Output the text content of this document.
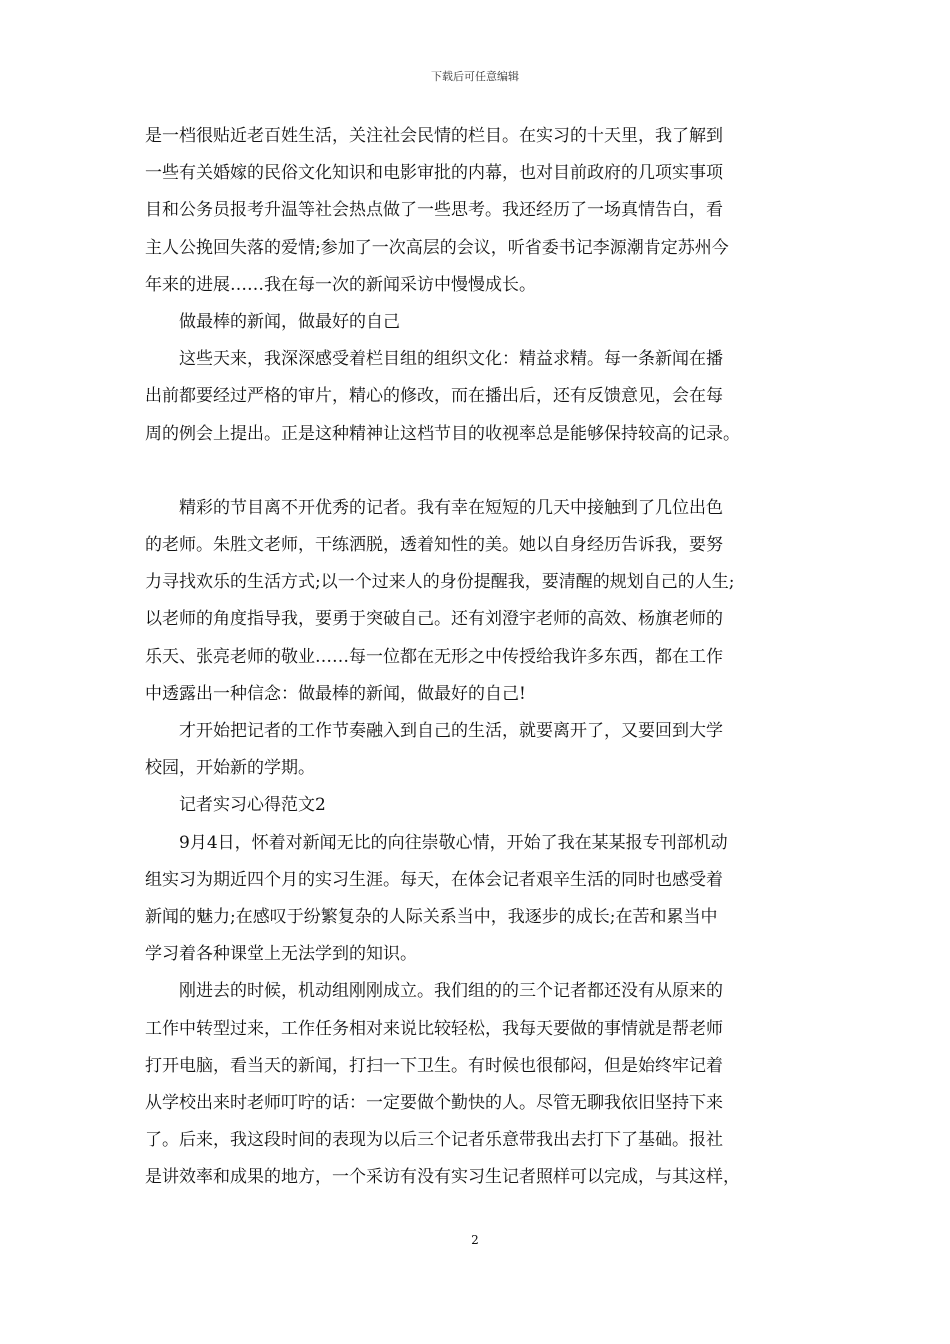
下载后可任意编辑
是一档很贴近老百姓生活，关注社会民情的栏目。在实习的十天里，我了解到
一些有关婚嫁的民俗文化知识和电影审批的内幕，也对目前政府的几项实事项
目和公务员报考升温等社会热点做了一些思考。我还经历了一场真情告白，看
主人公挽回失落的爱情;参加了一次高层的会议，听省委书记李源潮肯定苏州今
年来的进展……我在每一次的新闻采访中慢慢成长。
做最棒的新闻，做最好的自己
这些天来，我深深感受着栏目组的组织文化：精益求精。每一条新闻在播
出前都要经过严格的审片，精心的修改，而在播出后，还有反馈意见，会在每
周的例会上提出。正是这种精神让这档节目的收视率总是能够保持较高的记录。
精彩的节目离不开优秀的记者。我有幸在短短的几天中接触到了几位出色
的老师。朱胜文老师，干练洒脱，透着知性的美。她以自身经历告诉我，要努
力寻找欢乐的生活方式;以一个过来人的身份提醒我，要清醒的规划自己的人生;
以老师的角度指导我，要勇于突破自己。还有刘澄宇老师的高效、杨旗老师的
乐天、张亮老师的敬业……每一位都在无形之中传授给我许多东西，都在工作
中透露出一种信念：做最棒的新闻，做最好的自己!
才开始把记者的工作节奏融入到自己的生活，就要离开了，又要回到大学
校园，开始新的学期。
记者实习心得范文2
9月4日，怀着对新闻无比的向往崇敬心情，开始了我在某某报专刊部机动
组实习为期近四个月的实习生涯。每天，在体会记者艰辛生活的同时也感受着
新闻的魅力;在感叹于纷繁复杂的人际关系当中，我逐步的成长;在苦和累当中
学习着各种课堂上无法学到的知识。
刚进去的时候，机动组刚刚成立。我们组的的三个记者都还没有从原来的
工作中转型过来，工作任务相对来说比较轻松，我每天要做的事情就是帮老师
打开电脑，看当天的新闻，打扫一下卫生。有时候也很郁闷，但是始终牢记着
从学校出来时老师叮咛的话：一定要做个勤快的人。尽管无聊我依旧坚持下来
了。后来，我这段时间的表现为以后三个记者乐意带我出去打下了基础。报社
是讲效率和成果的地方，一个采访有没有实习生记者照样可以完成，与其这样，
2
